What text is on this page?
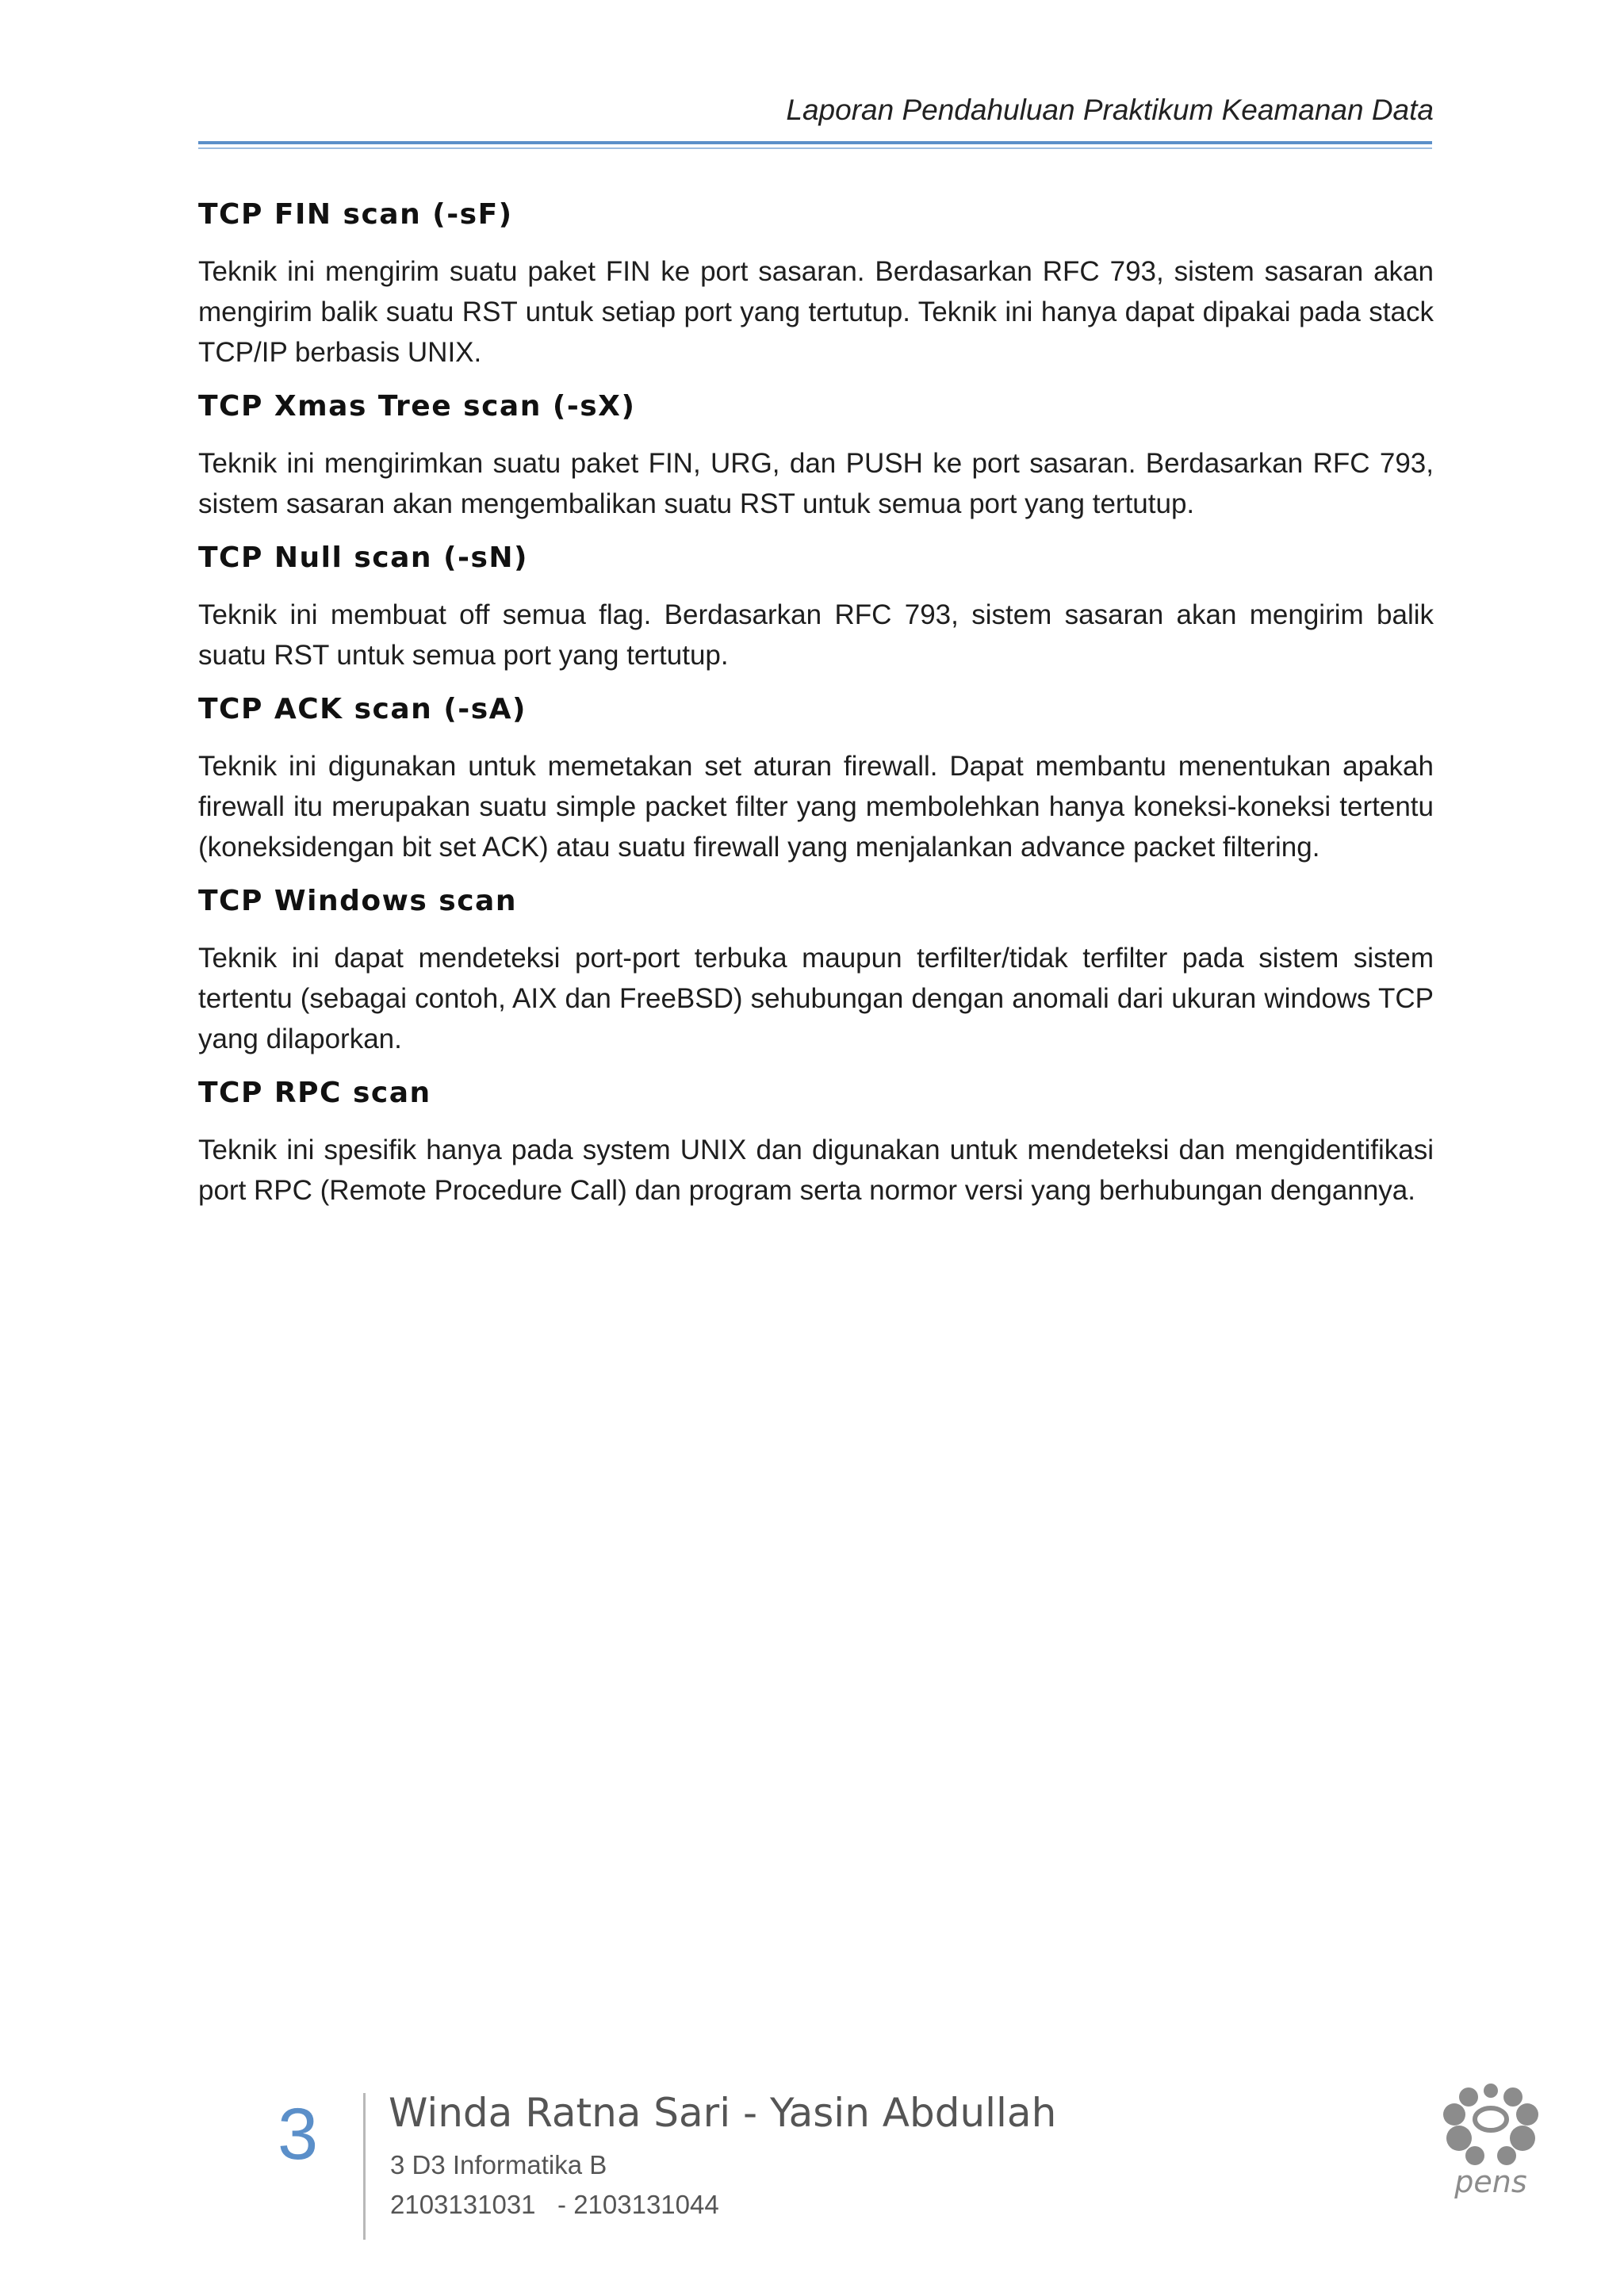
Laporan Pendahuluan Praktikum Keamanan Data
TCP FIN scan (-sF)

Teknik ini mengirim suatu paket FIN ke port sasaran. Berdasarkan RFC 793, sistem sasaran akan mengirim balik suatu RST untuk setiap port yang tertutup. Teknik ini hanya dapat dipakai pada stack TCP/IP berbasis UNIX.

TCP Xmas Tree scan (-sX)

Teknik ini mengirimkan suatu paket FIN, URG, dan PUSH ke port sasaran. Berdasarkan RFC 793, sistem sasaran akan mengembalikan suatu RST untuk semua port yang tertutup.

TCP Null scan (-sN)

Teknik ini membuat off semua flag. Berdasarkan RFC 793, sistem sasaran akan mengirim balik suatu RST untuk semua port yang tertutup.

TCP ACK scan (-sA)

Teknik ini digunakan untuk memetakan set aturan firewall. Dapat membantu menentukan apakah firewall itu merupakan suatu simple packet filter yang membolehkan hanya koneksi-koneksi tertentu (koneksidengan bit set ACK) atau suatu firewall yang menjalankan advance packet filtering.

TCP Windows scan

Teknik ini dapat mendeteksi port-port terbuka maupun terfilter/tidak terfilter pada sistem sistem tertentu (sebagai contoh, AIX dan FreeBSD) sehubungan dengan anomali dari ukuran windows TCP yang dilaporkan.

TCP RPC scan

Teknik ini spesifik hanya pada system UNIX dan digunakan untuk mendeteksi dan mengidentifikasi port RPC (Remote Procedure Call) dan program serta normor versi yang berhubungan dengannya.

3 Winda Ratna Sari - Yasin Abdullah
3 D3 Informatika B
2103131031   - 2103131044
pens
